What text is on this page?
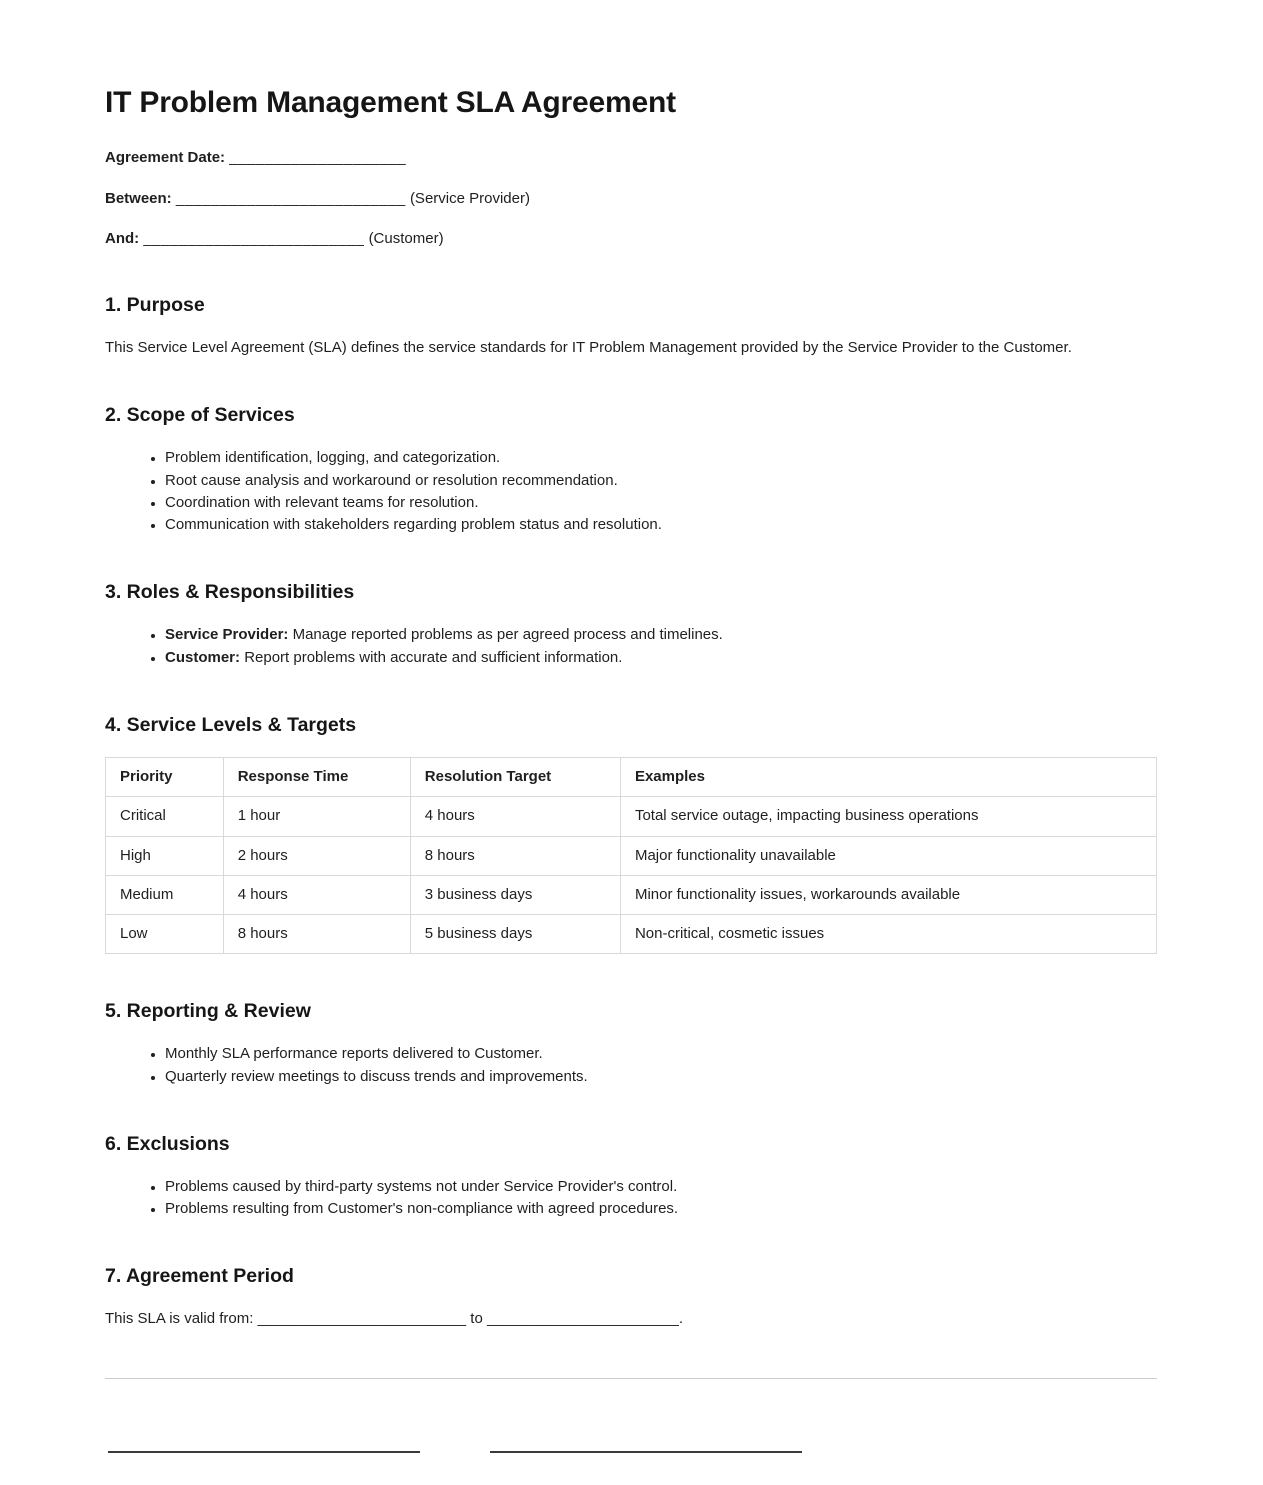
IT Problem Management SLA Agreement
Agreement Date: ____________________
Between: __________________________ (Service Provider)
And: _________________________ (Customer)
1. Purpose

This Service Level Agreement (SLA) defines the service standards for IT Problem Management provided by the Service Provider to the Customer.

2. Scope of Services
• Problem identification, logging, and categorization.
• Root cause analysis and workaround or resolution recommendation.
• Coordination with relevant teams for resolution.
• Communication with stakeholders regarding problem status and resolution.
3. Roles & Responsibilities
• Service Provider: Manage reported problems as per agreed process and timelines.
• Customer: Report problems with accurate and sufficient information.
4. Service Levels & Targets
Priority	Response Time	Resolution Target	Examples
Critical	1 hour	4 hours	Total service outage, impacting business operations
High	2 hours	8 hours	Major functionality unavailable
Medium	4 hours	3 business days	Minor functionality issues, workarounds available
Low	8 hours	5 business days	Non-critical, cosmetic issues
5. Reporting & Review
• Monthly SLA performance reports delivered to Customer.
• Quarterly review meetings to discuss trends and improvements.
6. Exclusions
• Problems caused by third-party systems not under Service Provider's control.
• Problems resulting from Customer's non-compliance with agreed procedures.
7. Agreement Period

This SLA is valid from: _________________________ to _______________________.
